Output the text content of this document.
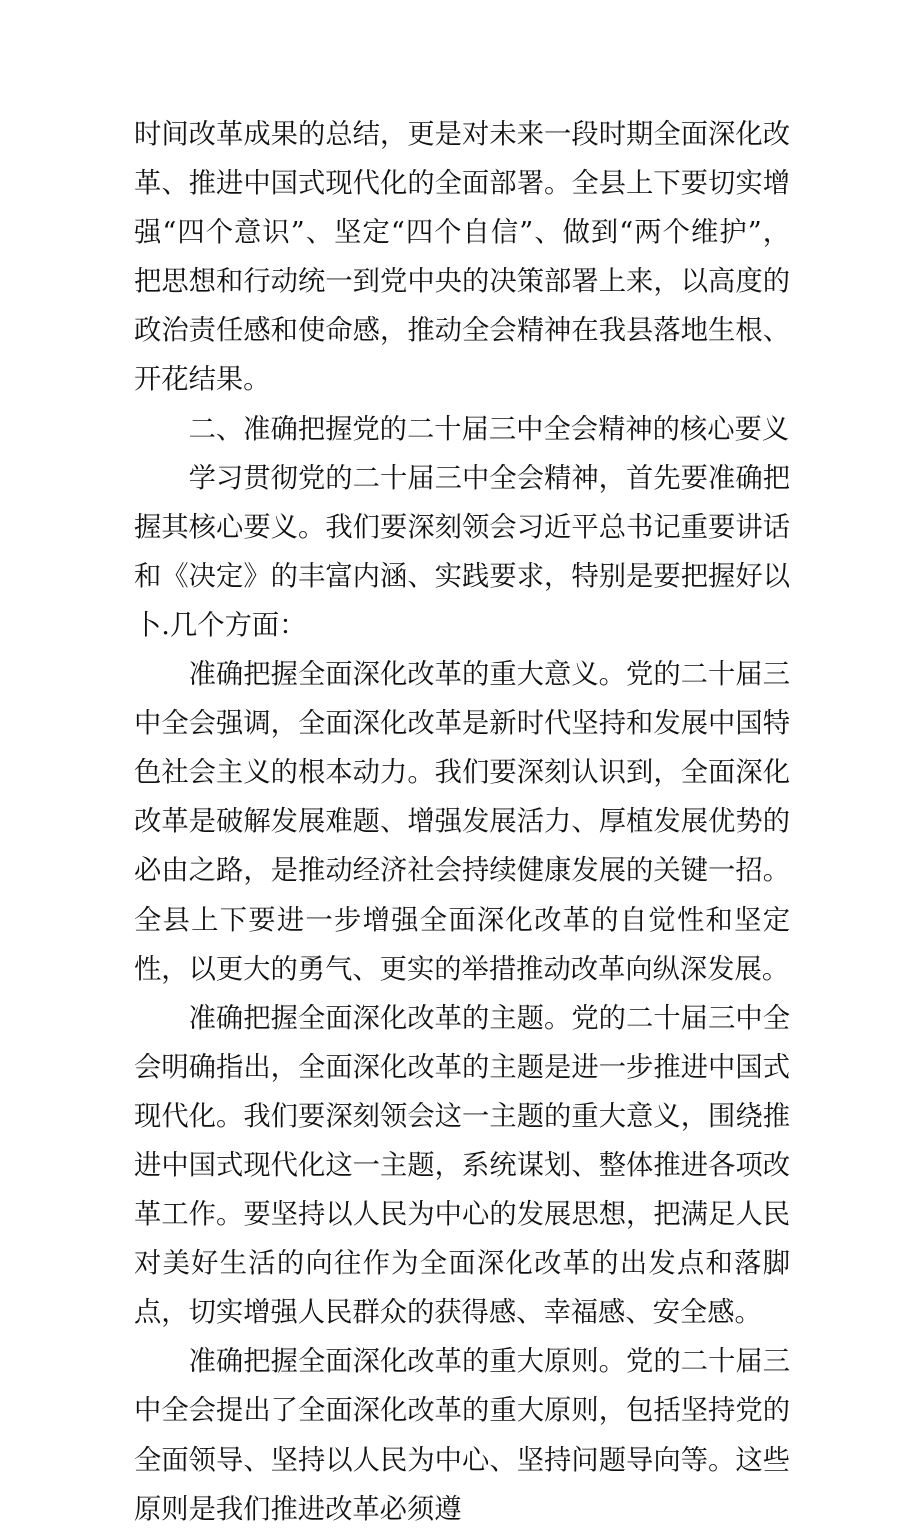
时间改革成果的总结，更是对未来一段时期全面深化改革、推进中国式现代化的全面部署。全县上下要切实增强“四个意识”、坚定“四个自信”、做到“两个维护”，把思想和行动统一到党中央的决策部署上来，以高度的政治责任感和使命感，推动全会精神在我县落地生根、开花结果。

二、准确把握党的二十届三中全会精神的核心要义

学习贯彻党的二十届三中全会精神，首先要准确把握其核心要义。我们要深刻领会习近平总书记重要讲话和《决定》的丰富内涵、实践要求，特别是要把握好以卜.几个方面：

准确把握全面深化改革的重大意义。党的二十届三中全会强调，全面深化改革是新时代坚持和发展中国特色社会主义的根本动力。我们要深刻认识到，全面深化改革是破解发展难题、增强发展活力、厚植发展优势的必由之路，是推动经济社会持续健康发展的关键一招。全县上下要进一步增强全面深化改革的自觉性和坚定性，以更大的勇气、更实的举措推动改革向纵深发展。

准确把握全面深化改革的主题。党的二十届三中全会明确指出，全面深化改革的主题是进一步推进中国式现代化。我们要深刻领会这一主题的重大意义，围绕推进中国式现代化这一主题，系统谋划、整体推进各项改革工作。要坚持以人民为中心的发展思想，把满足人民对美好生活的向往作为全面深化改革的出发点和落脚点，切实增强人民群众的获得感、幸福感、安全感。

准确把握全面深化改革的重大原则。党的二十届三中全会提出了全面深化改革的重大原则，包括坚持党的全面领导、坚持以人民为中心、坚持问题导向等。这些原则是我们推进改革必须遵
